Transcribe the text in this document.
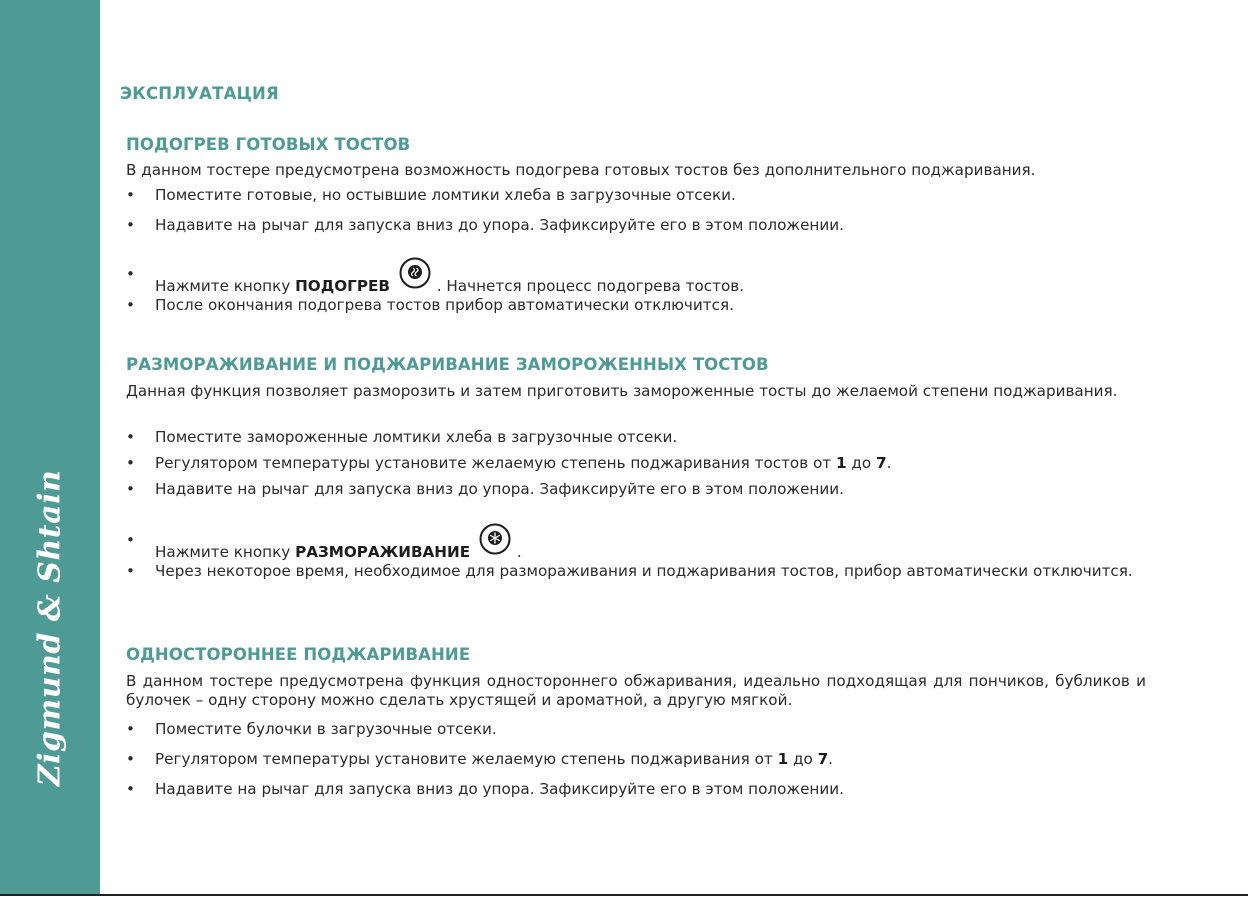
Zigmund & Shtain
ЭКСПЛУАТАЦИЯ
ПОДОГРЕВ ГОТОВЫХ ТОСТОВ
В данном тостере предусмотрена возможность подогрева готовых тостов без дополнительного поджаривания.
• Поместите готовые, но остывшие ломтики хлеба в загрузочные отсеки.
• Надавите на рычаг для запуска вниз до упора. Зафиксируйте его в этом положении.
•
Нажмите кнопку ПОДОГРЕВ	. Начнется процесс подогрева тостов.
• После окончания подогрева тостов прибор автоматически отключится.
РАЗМОРАЖИВАНИЕ И ПОДЖАРИВАНИЕ ЗАМОРОЖЕННЫХ ТОСТОВ
Данная функция позволяет разморозить и затем приготовить замороженные тосты до желаемой степени поджаривания.
• Поместите замороженные ломтики хлеба в загрузочные отсеки.
• Регулятором температуры установите желаемую степень поджаривания тостов от 1 до 7.
• Надавите на рычаг для запуска вниз до упора. Зафиксируйте его в этом положении.
•
Нажмите кнопку РАЗМОРАЖИВАНИЕ	.
• Через некоторое время, необходимое для размораживания и поджаривания тостов, прибор автоматически отключится.
ОДНОСТОРОННЕЕ ПОДЖАРИВАНИЕ
В данном тостере предусмотрена функция одностороннего обжаривания, идеально подходящая для пончиков, бубликов и булочек – одну сторону можно сделать хрустящей и ароматной, а другую мягкой.
• Поместите булочки в загрузочные отсеки.
• Регулятором температуры установите желаемую степень поджаривания от 1 до 7.
• Надавите на рычаг для запуска вниз до упора. Зафиксируйте его в этом положении.
